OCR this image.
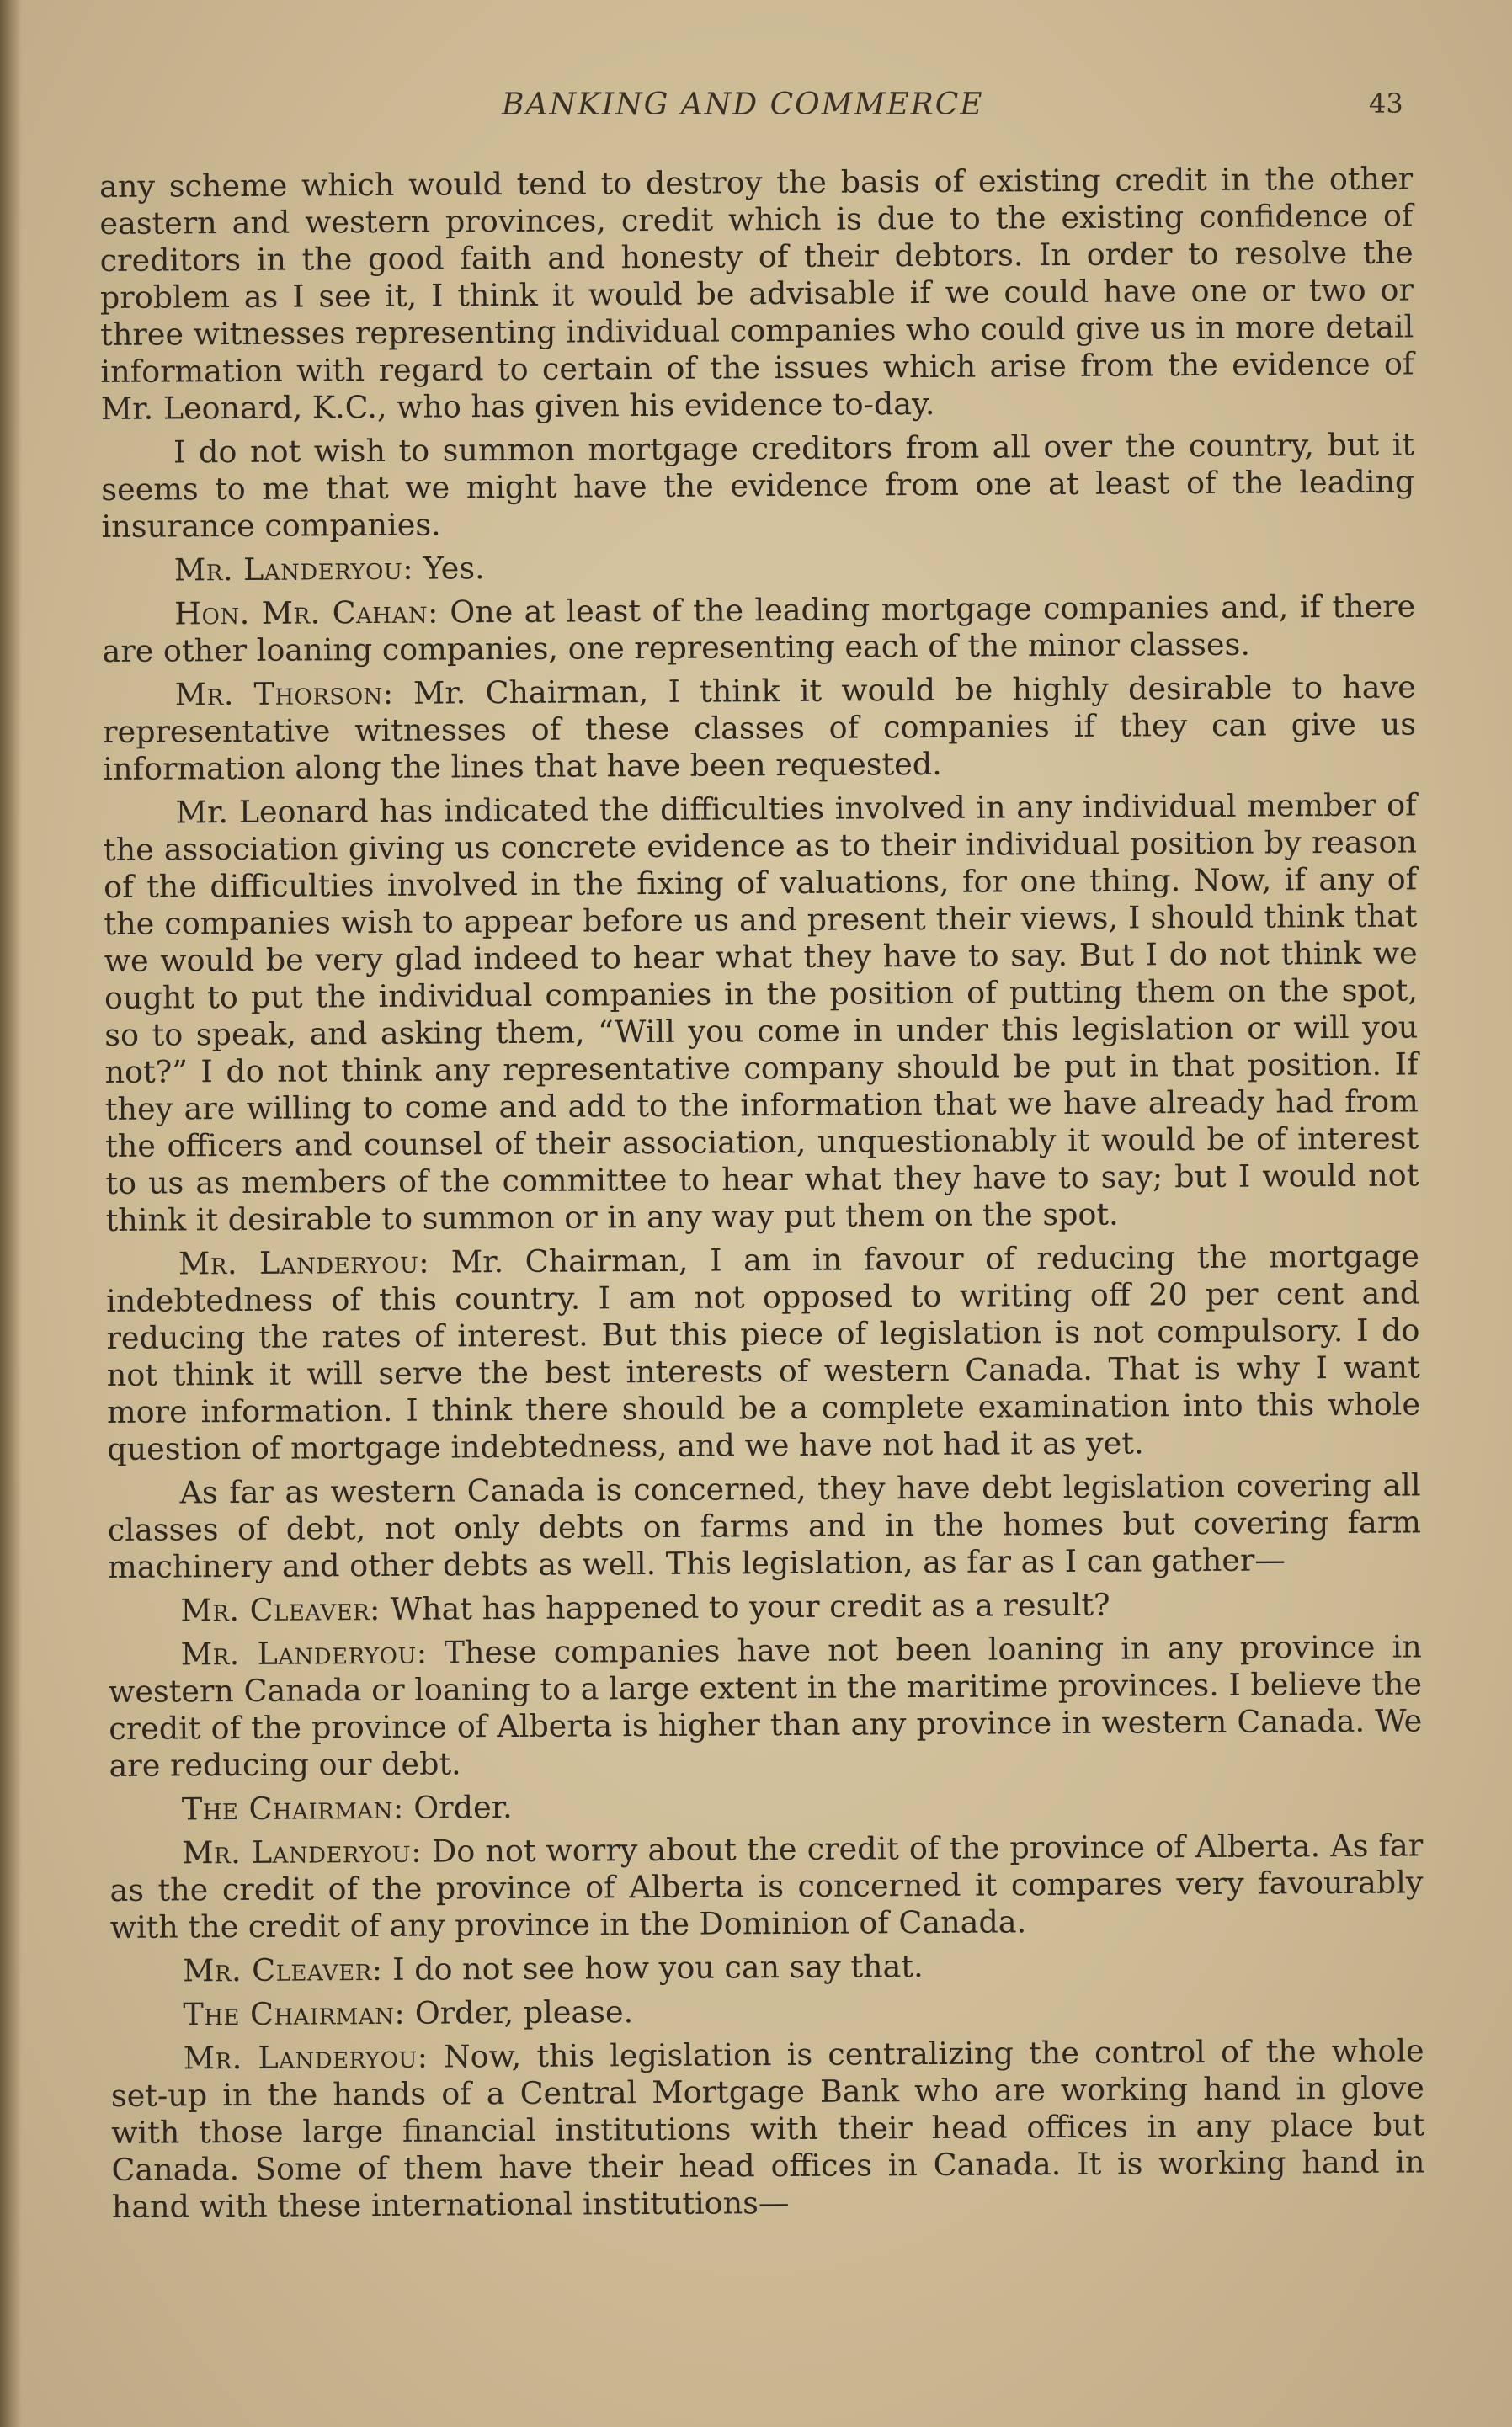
BANKING AND COMMERCE	43

any scheme which would tend to destroy the basis of existing credit in the other eastern and western provinces, credit which is due to the existing confidence of creditors in the good faith and honesty of their debtors. In order to resolve the problem as I see it, I think it would be advisable if we could have one or two or three witnesses representing individual companies who could give us in more detail information with regard to certain of the issues which arise from the evidence of Mr. Leonard, K.C., who has given his evidence to-day.

I do not wish to summon mortgage creditors from all over the country, but it seems to me that we might have the evidence from one at least of the leading insurance companies.

Mr. Landeryou: Yes.

Hon. Mr. Cahan: One at least of the leading mortgage companies and, if there are other loaning companies, one representing each of the minor classes.

Mr. Thorson: Mr. Chairman, I think it would be highly desirable to have representative witnesses of these classes of companies if they can give us information along the lines that have been requested.

Mr. Leonard has indicated the difficulties involved in any individual member of the association giving us concrete evidence as to their individual position by reason of the difficulties involved in the fixing of valuations, for one thing. Now, if any of the companies wish to appear before us and present their views, I should think that we would be very glad indeed to hear what they have to say. But I do not think we ought to put the individual companies in the position of putting them on the spot, so to speak, and asking them, “Will you come in under this legislation or will you not?” I do not think any representative company should be put in that position. If they are willing to come and add to the information that we have already had from the officers and counsel of their association, unquestionably it would be of interest to us as members of the committee to hear what they have to say; but I would not think it desirable to summon or in any way put them on the spot.

Mr. Landeryou: Mr. Chairman, I am in favour of reducing the mortgage indebtedness of this country. I am not opposed to writing off 20 per cent and reducing the rates of interest. But this piece of legislation is not compulsory. I do not think it will serve the best interests of western Canada. That is why I want more information. I think there should be a complete examination into this whole question of mortgage indebtedness, and we have not had it as yet.

As far as western Canada is concerned, they have debt legislation covering all classes of debt, not only debts on farms and in the homes but covering farm machinery and other debts as well. This legislation, as far as I can gather—

Mr. Cleaver: What has happened to your credit as a result?

Mr. Landeryou: These companies have not been loaning in any province in western Canada or loaning to a large extent in the maritime provinces. I believe the credit of the province of Alberta is higher than any province in western Canada. We are reducing our debt.

The Chairman: Order.

Mr. Landeryou: Do not worry about the credit of the province of Alberta. As far as the credit of the province of Alberta is concerned it compares very favourably with the credit of any province in the Dominion of Canada.

Mr. Cleaver: I do not see how you can say that.

The Chairman: Order, please.

Mr. Landeryou: Now, this legislation is centralizing the control of the whole set-up in the hands of a Central Mortgage Bank who are working hand in glove with those large financial institutions with their head offices in any place but Canada. Some of them have their head offices in Canada. It is working hand in hand with these international institutions—
